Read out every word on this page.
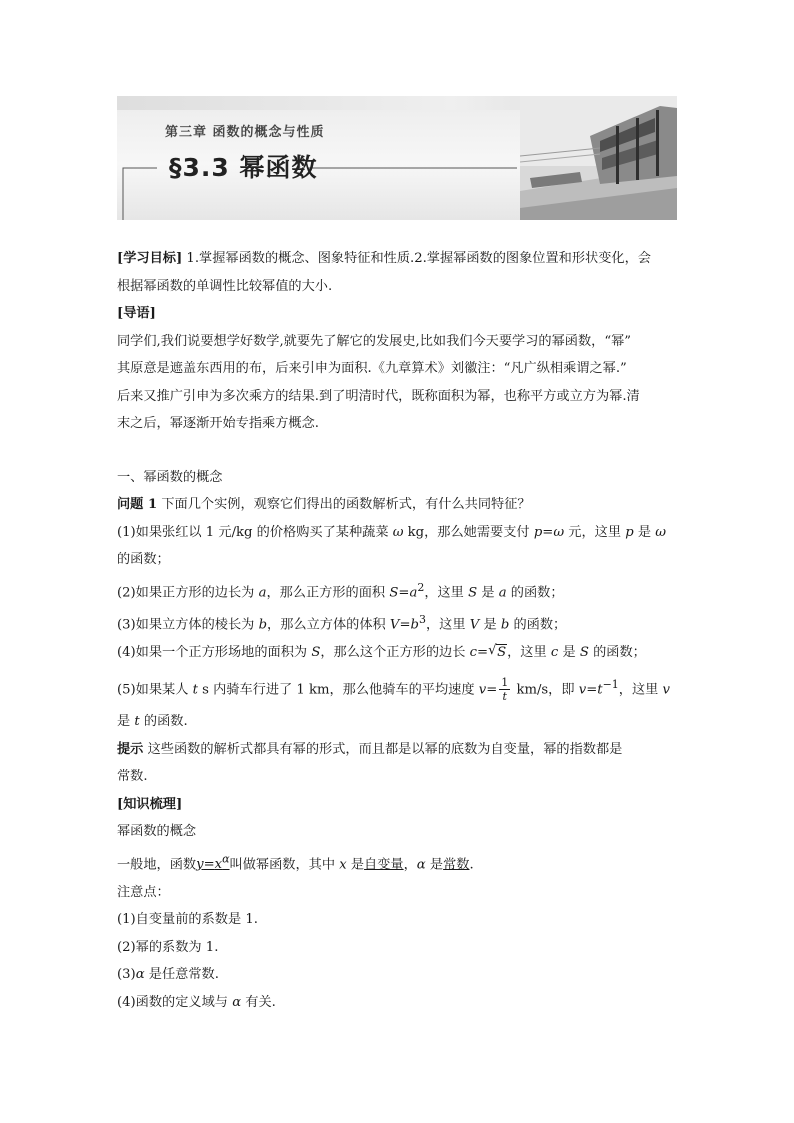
第三章 函数的概念与性质
§3.3 幂函数

[学习目标] 1.掌握幂函数的概念、图象特征和性质.2.掌握幂函数的图象位置和形状变化，会

根据幂函数的单调性比较幂值的大小.

[导语]

同学们,我们说要想学好数学,就要先了解它的发展史,比如我们今天要学习的幂函数，“幂”

其原意是遮盖东西用的布，后来引申为面积.《九章算术》刘徽注：“凡广纵相乘谓之幂.”

后来又推广引申为多次乘方的结果.到了明清时代，既称面积为幂，也称平方或立方为幂.清

末之后，幂逐渐开始专指乘方概念.

一、幂函数的概念

问题 1 下面几个实例，观察它们得出的函数解析式，有什么共同特征？

(1)如果张红以 1 元/kg 的价格购买了某种蔬菜 ω kg，那么她需要支付 p=ω 元，这里 p 是 ω

的函数；

(2)如果正方形的边长为 a，那么正方形的面积 $S=a^2$，这里 S 是 a 的函数；

(3)如果立方体的棱长为 b，那么立方体的体积 $V=b^3$，这里 V 是 b 的函数；

(4)如果一个正方形场地的面积为 S，那么这个正方形的边长 c= √ S，这里 c 是 S 的函数；

(5)如果某人 t s 内骑车行进了 1 km，那么他骑车的平均速度 $v= \frac{1}{t} km/s$，即 $v=t^{-1}$，这里 v

是 t 的函数.

提示 这些函数的解析式都具有幂的形式，而且都是以幂的底数为自变量，幂的指数都是

常数.

[知识梳理]

幂函数的概念

一般地，函数$y=x^\alpha$叫做幂函数，其中 x 是自变量，α 是常数.

注意点：

(1)自变量前的系数是 1.

(2)幂的系数为 1.

(3)α 是任意常数.

(4)函数的定义域与 α 有关.
